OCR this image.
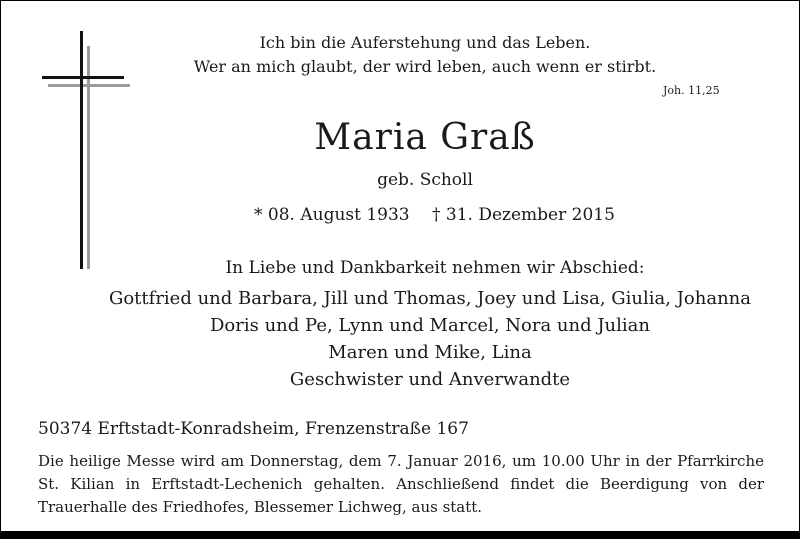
Ich bin die Auferstehung und das Leben.
Wer an mich glaubt, der wird leben, auch wenn er stirbt.
Joh. 11,25
Maria Graß
geb. Scholl
* 08. August 1933 † 31. Dezember 2015
In Liebe und Dankbarkeit nehmen wir Abschied:
Gottfried und Barbara, Jill und Thomas, Joey und Lisa, Giulia, Johanna
Doris und Pe, Lynn und Marcel, Nora und Julian
Maren und Mike, Lina
Geschwister und Anverwandte
50374 Erftstadt-Konradsheim, Frenzenstraße 167
Die heilige Messe wird am Donnerstag, dem 7. Januar 2016, um 10.00 Uhr in der Pfarrkirche
St. Kilian in Erftstadt-Lechenich gehalten. Anschließend findet die Beerdigung von der
Trauerhalle des Friedhofes, Blessemer Lichweg, aus statt.
